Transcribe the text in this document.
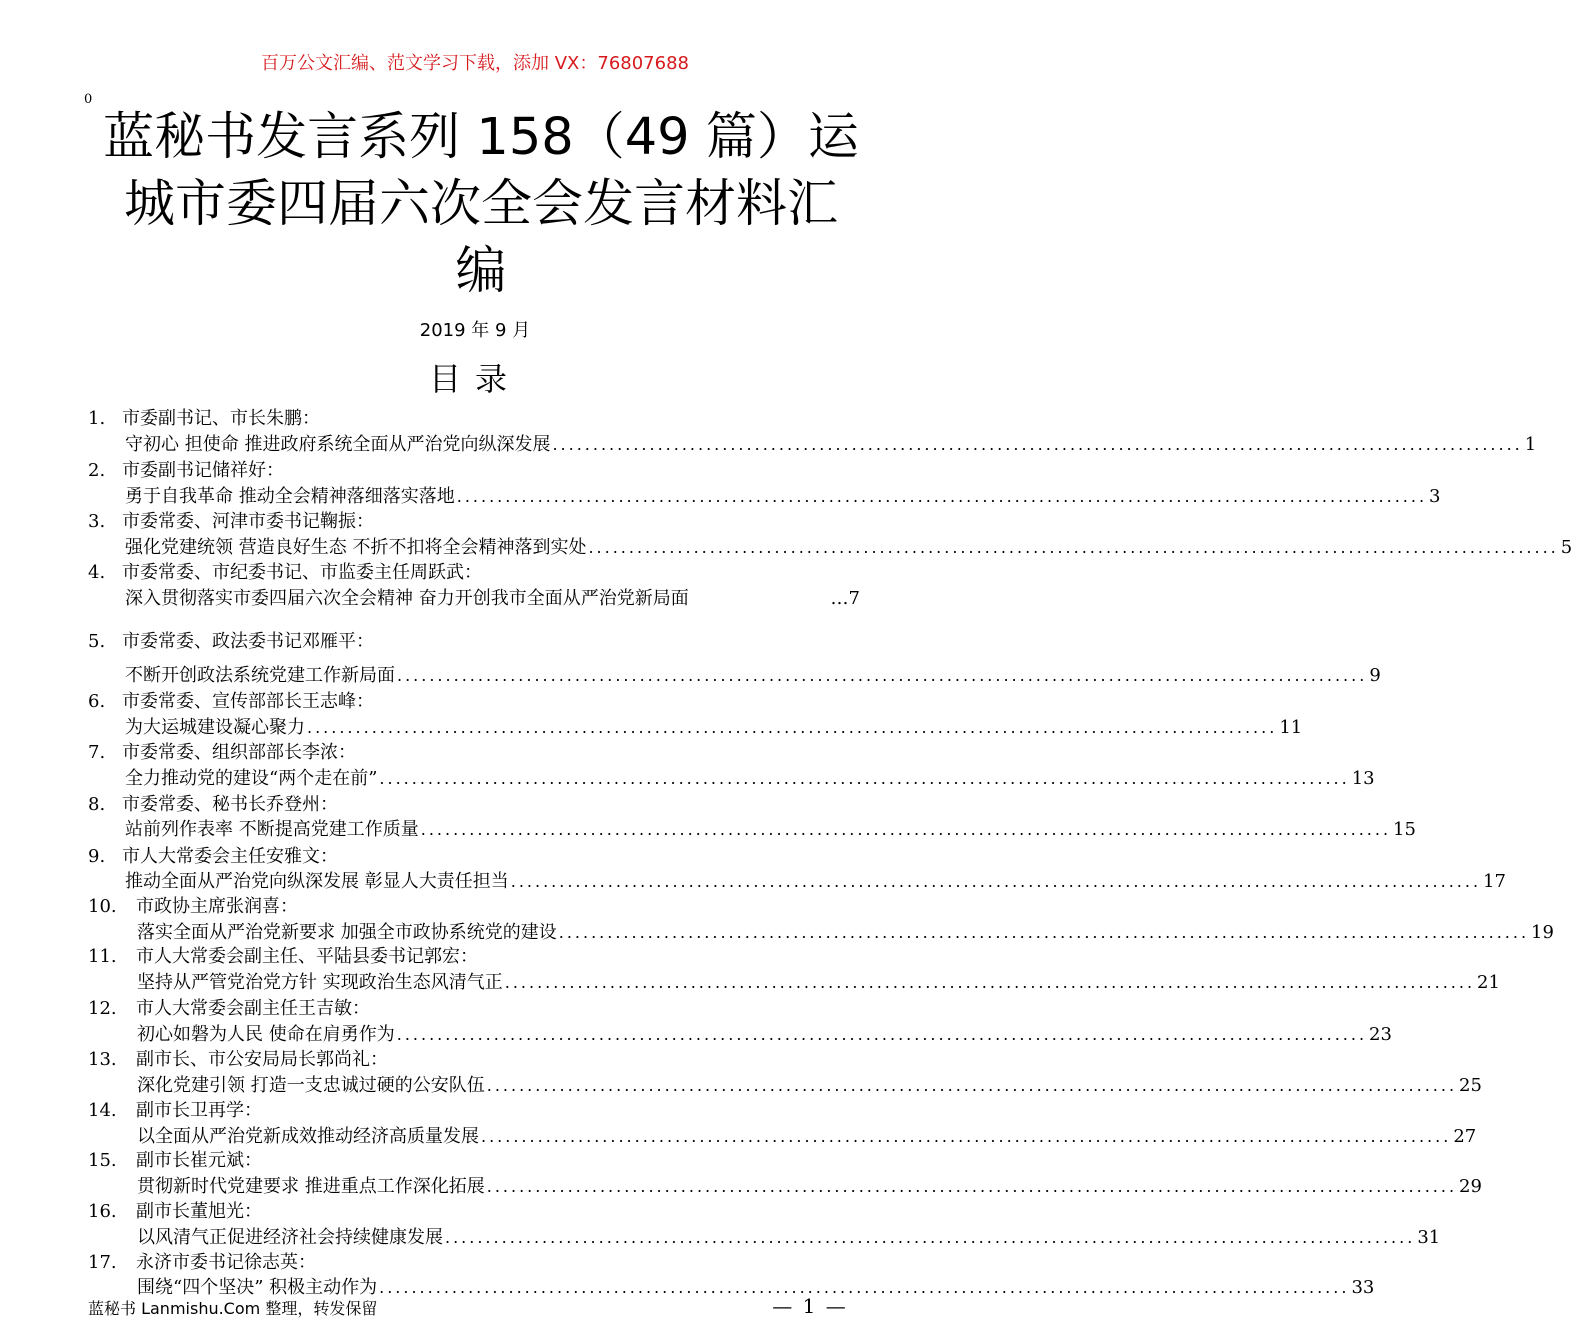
百万公文汇编、范文学习下载，添加 VX：76807688
0
蓝秘书发言系列 158（49 篇）运
城市委四届六次全会发言材料汇
编
2019 年 9 月
目录
1. 市委副书记、市长朱鹏：
守初心 担使命 推进政府系统全面从严治党向纵深发展 ........................................................................................................................ 1
2. 市委副书记储祥好：
勇于自我革命 推动全会精神落细落实落地 ........................................................................................................................ 3
3. 市委常委、河津市委书记鞠振：
强化党建统领 营造良好生态 不折不扣将全会精神落到实处 ........................................................................................................................ 5
4. 市委常委、市纪委书记、市监委主任周跃武：
深入贯彻落实市委四届六次全会精神 奋力开创我市全面从严治党新局面	…7
5. 市委常委、政法委书记邓雁平：
不断开创政法系统党建工作新局面 ........................................................................................................................ 9
6. 市委常委、宣传部部长王志峰：
为大运城建设凝心聚力 ........................................................................................................................ 11
7. 市委常委、组织部部长李浓：
全力推动党的建设“两个走在前” ........................................................................................................................ 13
8. 市委常委、秘书长乔登州：
站前列作表率 不断提高党建工作质量 ........................................................................................................................ 15
9. 市人大常委会主任安雅文：
推动全面从严治党向纵深发展 彰显人大责任担当 ........................................................................................................................ 17
10. 市政协主席张润喜：
落实全面从严治党新要求 加强全市政协系统党的建设 ........................................................................................................................ 19
11. 市人大常委会副主任、平陆县委书记郭宏：
坚持从严管党治党方针 实现政治生态风清气正 ........................................................................................................................ 21
12. 市人大常委会副主任王吉敏：
初心如磐为人民 使命在肩勇作为 ........................................................................................................................ 23
13. 副市长、市公安局局长郭尚礼：
深化党建引领 打造一支忠诚过硬的公安队伍 ........................................................................................................................ 25
14. 副市长卫再学：
以全面从严治党新成效推动经济高质量发展 ........................................................................................................................ 27
15. 副市长崔元斌：
贯彻新时代党建要求 推进重点工作深化拓展 ........................................................................................................................ 29
16. 副市长董旭光：
以风清气正促进经济社会持续健康发展 ........................................................................................................................ 31
17. 永济市委书记徐志英：
围绕“四个坚决” 积极主动作为 ........................................................................................................................ 33
蓝秘书 Lanmishu.Com 整理，转发保留	— 1 —
